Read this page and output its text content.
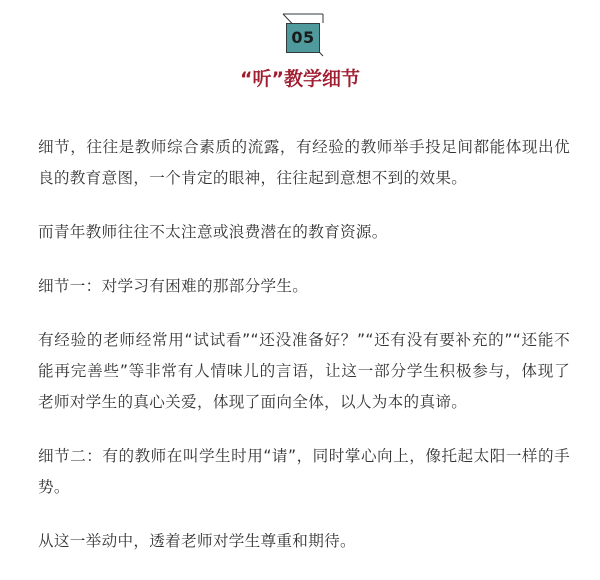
05
“听”教学细节

细节，往往是教师综合素质的流露，有经验的教师举手投足间都能体现出优良的教育意图，一个肯定的眼神，往往起到意想不到的效果。

而青年教师往往不太注意或浪费潜在的教育资源。

细节一：对学习有困难的那部分学生。

有经验的老师经常用“试试看”“还没准备好？”“还有没有要补充的”“还能不能再完善些”等非常有人情味儿的言语，让这一部分学生积极参与，体现了老师对学生的真心关爱，体现了面向全体，以人为本的真谛。

细节二：有的教师在叫学生时用“请”，同时掌心向上，像托起太阳一样的手势。

从这一举动中，透着老师对学生尊重和期待。
